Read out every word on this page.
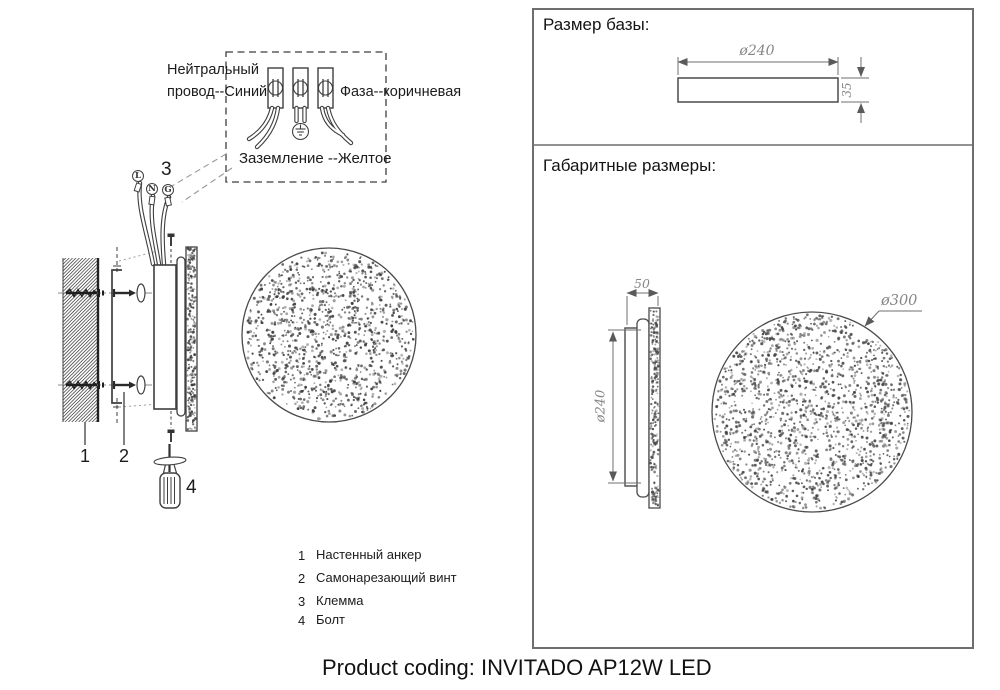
Нейтральный
провод--Синий	Фаза--коричневая
Заземление --Желтое
L
N G
3
1 2
4
1 Настенный анкер
2 Самонарезающий винт
3 Клемма
4 Болт
Размер базы:
Габаритные размеры:
ø240
35
50
ø240
ø300
Product coding: INVITADO AP12W LED
